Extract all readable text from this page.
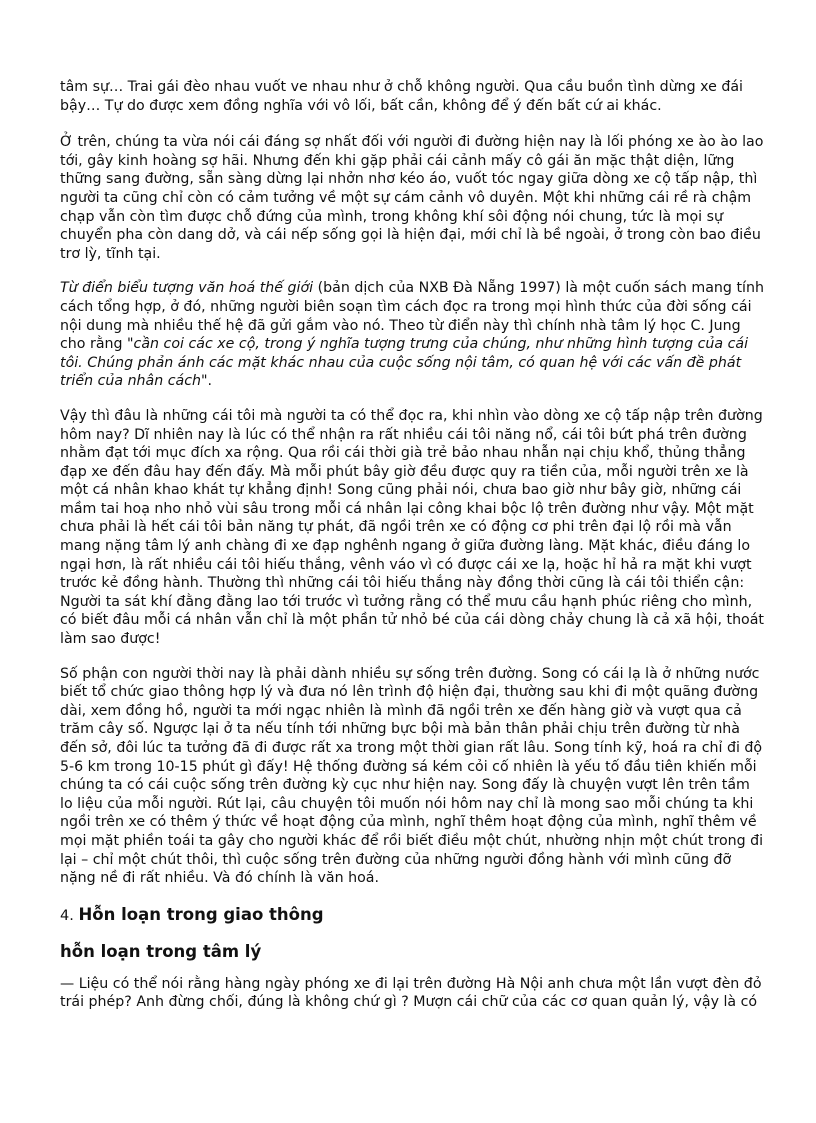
tâm sự… Trai gái đèo nhau vuốt ve nhau như ở chỗ không người. Qua cầu buồn tình dừng xe đái bậy… Tự do được xem đồng nghĩa với vô lối, bất cần, không để ý đến bất cứ ai khác.

Ở trên, chúng ta vừa nói cái đáng sợ nhất đối với người đi đường hiện nay là lối phóng xe ào ào lao tới, gây kinh hoàng sợ hãi. Nhưng đến khi gặp phải cái cảnh mấy cô gái ăn mặc thật diện, lững thững sang đường, sẵn sàng dừng lại nhởn nhơ kéo áo, vuốt tóc ngay giữa dòng xe cộ tấp nập, thì người ta cũng chỉ còn có cảm tưởng về một sự cám cảnh vô duyên. Một khi những cái rề rà chậm chạp vẫn còn tìm được chỗ đứng của mình, trong không khí sôi động nói chung, tức là mọi sự chuyển pha còn dang dở, và cái nếp sống gọi là hiện đại, mới chỉ là bề ngoài, ở trong còn bao điều trơ lỳ, tĩnh tại.

Từ điển biểu tượng văn hoá thế giới (bản dịch của NXB Đà Nẵng 1997) là một cuốn sách mang tính cách tổng hợp, ở đó, những người biên soạn tìm cách đọc ra trong mọi hình thức của đời sống cái nội dung mà nhiều thế hệ đã gửi gắm vào nó. Theo từ điển này thì chính nhà tâm lý học C. Jung cho rằng "cần coi các xe cộ, trong ý nghĩa tượng trưng của chúng, như những hình tượng của cái tôi. Chúng phản ánh các mặt khác nhau của cuộc sống nội tâm, có quan hệ với các vấn đề phát triển của nhân cách".

Vậy thì đâu là những cái tôi mà người ta có thể đọc ra, khi nhìn vào dòng xe cộ tấp nập trên đường hôm nay? Dĩ nhiên nay là lúc có thể nhận ra rất nhiều cái tôi năng nổ, cái tôi bứt phá trên đường nhằm đạt tới mục đích xa rộng. Qua rồi cái thời già trẻ bảo nhau nhẫn nại chịu khổ, thủng thẳng đạp xe đến đâu hay đến đấy. Mà mỗi phút bây giờ đều được quy ra tiền của, mỗi người trên xe là một cá nhân khao khát tự khẳng định! Song cũng phải nói, chưa bao giờ như bây giờ, những cái mầm tai hoạ nho nhỏ vùi sâu trong mỗi cá nhân lại công khai bộc lộ trên đường như vậy. Một mặt chưa phải là hết cái tôi bản năng tự phát, đã ngồi trên xe có động cơ phi trên đại lộ rồi mà vẫn mang nặng tâm lý anh chàng đi xe đạp nghênh ngang ở giữa đường làng. Mặt khác, điều đáng lo ngại hơn, là rất nhiều cái tôi hiếu thắng, vênh váo vì có được cái xe lạ, hoặc hỉ hả ra mặt khi vượt trước kẻ đồng hành. Thường thì những cái tôi hiếu thắng này đồng thời cũng là cái tôi thiển cận: Người ta sát khí đằng đằng lao tới trước vì tưởng rằng có thể mưu cầu hạnh phúc riêng cho mình, có biết đâu mỗi cá nhân vẫn chỉ là một phần tử nhỏ bé của cái dòng chảy chung là cả xã hội, thoát làm sao được!

Số phận con người thời nay là phải dành nhiều sự sống trên đường. Song có cái lạ là ở những nước biết tổ chức giao thông hợp lý và đưa nó lên trình độ hiện đại, thường sau khi đi một quãng đường dài, xem đồng hồ, người ta mới ngạc nhiên là mình đã ngồi trên xe đến hàng giờ và vượt qua cả trăm cây số. Ngược lại ở ta nếu tính tới những bực bội mà bản thân phải chịu trên đường từ nhà đến sở, đôi lúc ta tưởng đã đi được rất xa trong một thời gian rất lâu. Song tính kỹ, hoá ra chỉ đi độ 5-6 km trong 10-15 phút gì đấy! Hệ thống đường sá kém cỏi cố nhiên là yếu tố đầu tiên khiến mỗi chúng ta có cái cuộc sống trên đường kỳ cục như hiện nay. Song đấy là chuyện vượt lên trên tầm lo liệu của mỗi người. Rút lại, câu chuyện tôi muốn nói hôm nay chỉ là mong sao mỗi chúng ta khi ngồi trên xe có thêm ý thức về hoạt động của mình, nghĩ thêm hoạt động của mình, nghĩ thêm về mọi mặt phiền toái ta gây cho người khác để rồi biết điều một chút, nhường nhịn một chút trong đi lại – chỉ một chút thôi, thì cuộc sống trên đường của những người đồng hành với mình cũng đỡ nặng nề đi rất nhiều. Và đó chính là văn hoá.

4. Hỗn loạn trong giao thông
hỗn loạn trong tâm lý

— Liệu có thể nói rằng hàng ngày phóng xe đi lại trên đường Hà Nội anh chưa một lần vượt đèn đỏ trái phép? Anh đừng chối, đúng là không chứ gì ? Mượn cái chữ của các cơ quan quản lý, vậy là có
